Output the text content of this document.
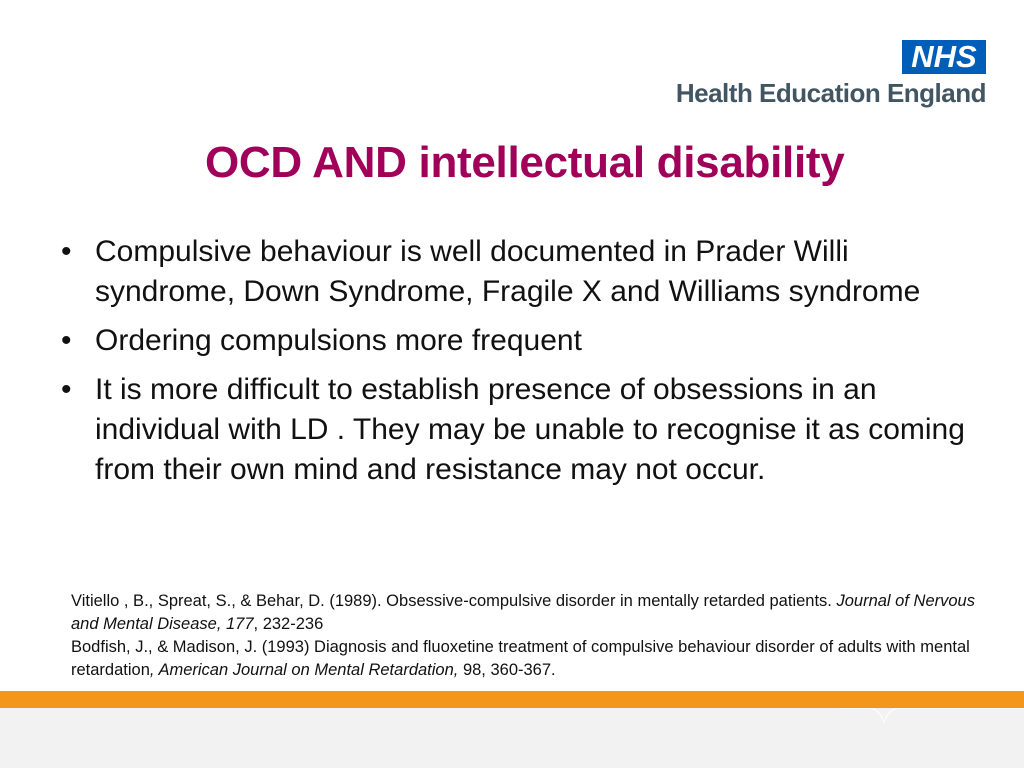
NHS
Health Education England
OCD AND intellectual disability
• Compulsive behaviour is well documented in Prader Willi syndrome, Down Syndrome, Fragile X and Williams syndrome
• Ordering compulsions more frequent
• It is more difficult to establish presence of obsessions in an individual with LD . They may be unable to recognise it as coming from their own mind and resistance may not occur.

Vitiello , B., Spreat, S., & Behar, D. (1989). Obsessive-compulsive disorder in mentally retarded patients. Journal of Nervous and Mental Disease, 177, 232-236

Bodfish, J., & Madison, J. (1993) Diagnosis and fluoxetine treatment of compulsive behaviour disorder of adults with mental retardation, American Journal on Mental Retardation, 98, 360-367.
